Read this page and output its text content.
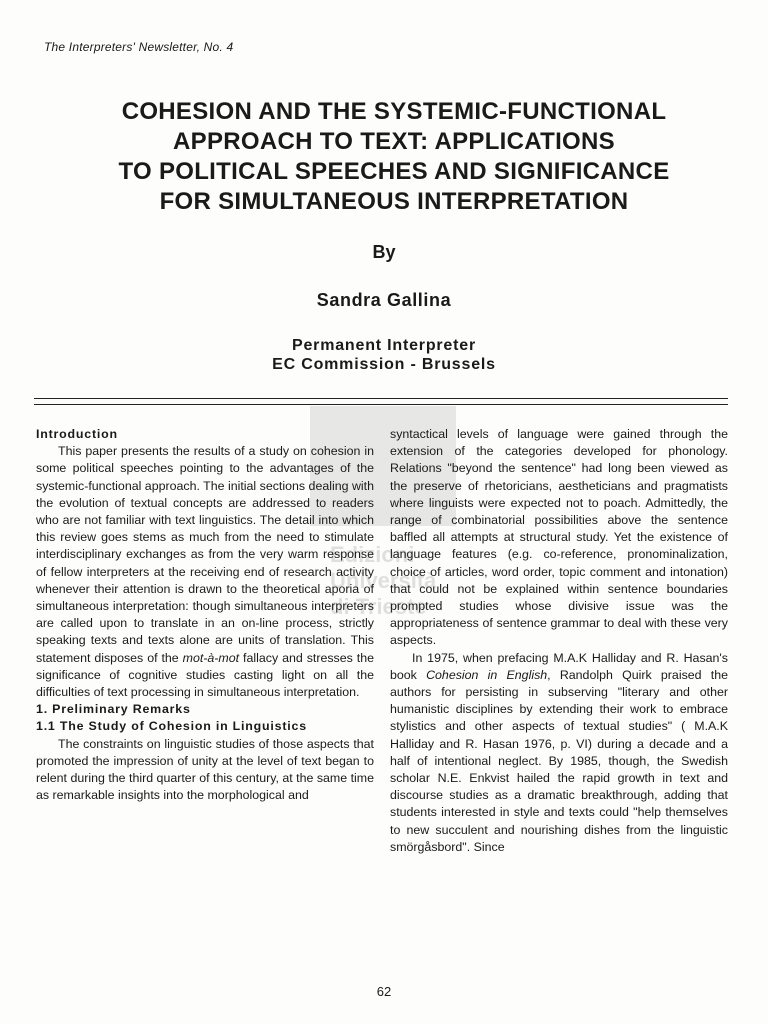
The Interpreters' Newsletter, No. 4
COHESION AND THE SYSTEMIC-FUNCTIONAL
APPROACH TO TEXT: APPLICATIONS
TO POLITICAL SPEECHES AND SIGNIFICANCE
FOR SIMULTANEOUS INTERPRETATION
By
Sandra Gallina
Permanent Interpreter
EC Commission - Brussels
Edizioni
Università
di Trieste

Introduction

This paper presents the results of a study on cohesion in some political speeches pointing to the advantages of the systemic-functional approach. The initial sections dealing with the evolution of textual concepts are addressed to readers who are not familiar with text linguistics. The detail into which this review goes stems as much from the need to stimulate interdisciplinary exchanges as from the very warm response of fellow interpreters at the receiving end of research activity whenever their attention is drawn to the theoretical aporia of simultaneous interpretation: though simultaneous interpreters are called upon to translate in an on-line process, strictly speaking texts and texts alone are units of translation. This statement disposes of the mot-à-mot fallacy and stresses the significance of cognitive studies casting light on all the difficulties of text processing in simultaneous interpretation.

1. Preliminary Remarks

1.1 The Study of Cohesion in Linguistics

The constraints on linguistic studies of those aspects that promoted the impression of unity at the level of text began to relent during the third quarter of this century, at the same time as remarkable insights into the morphological and

syntactical levels of language were gained through the extension of the categories developed for phonology. Relations "beyond the sentence" had long been viewed as the preserve of rhetoricians, aestheticians and pragmatists where linguists were expected not to poach. Admittedly, the range of combinatorial possibilities above the sentence baffled all attempts at structural study. Yet the existence of language features (e.g. co-reference, pronominalization, choice of articles, word order, topic comment and intonation) that could not be explained within sentence boundaries prompted studies whose divisive issue was the appropriateness of sentence grammar to deal with these very aspects.

In 1975, when prefacing M.A.K Halliday and R. Hasan's book Cohesion in English, Randolph Quirk praised the authors for persisting in subserving "literary and other humanistic disciplines by extending their work to embrace stylistics and other aspects of textual studies" ( M.A.K Halliday and R. Hasan 1976, p. VI) during a decade and a half of intentional neglect. By 1985, though, the Swedish scholar N.E. Enkvist hailed the rapid growth in text and discourse studies as a dramatic breakthrough, adding that students interested in style and texts could "help themselves to new succulent and nourishing dishes from the linguistic smörgåsbord". Since

62
